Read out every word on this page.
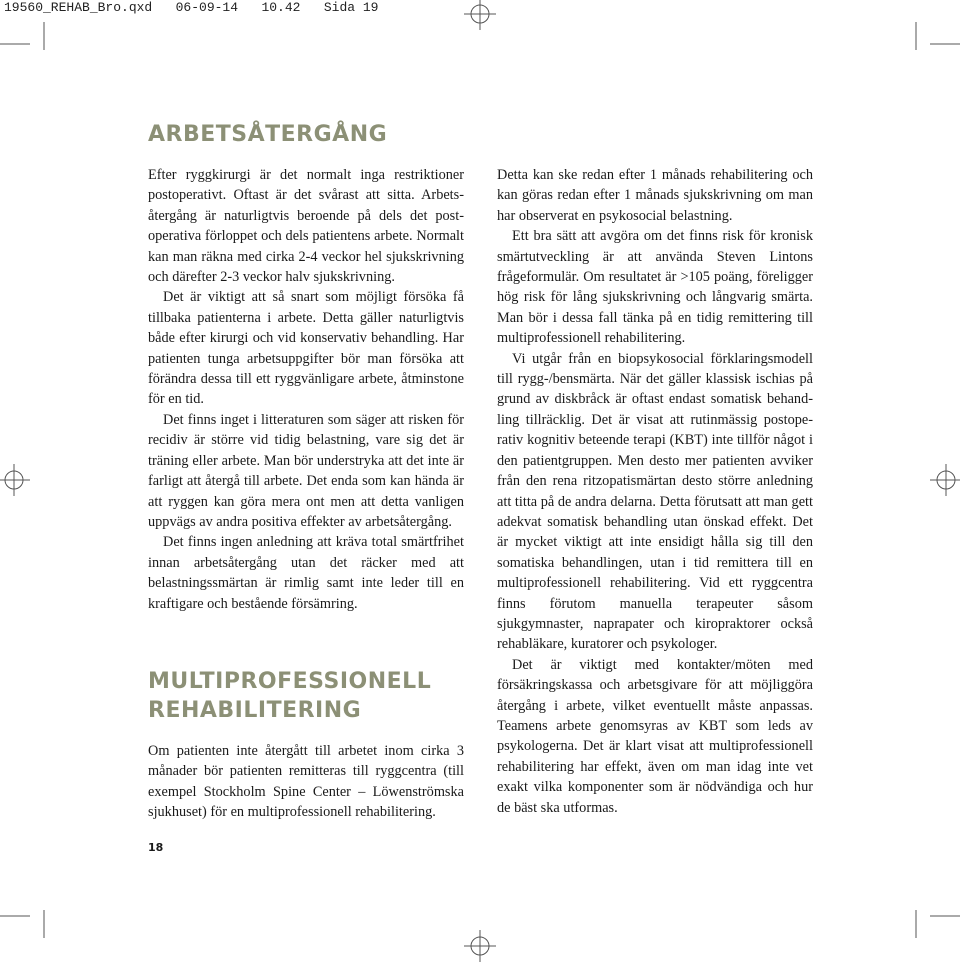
19560_REHAB_Bro.qxd   06-09-14   10.42   Sida 19
ARBETSÅTERGÅNG

Efter ryggkirurgi är det normalt inga restriktioner postoperativt. Oftast är det svårast att sitta. Arbetsåtergång är naturligtvis beroende på dels det postoperativa förloppet och dels patientens arbete. Normalt kan man räkna med cirka 2-4 veckor hel sjukskrivning och därefter 2-3 veckor halv sjukskrivning.

Det är viktigt att så snart som möjligt försöka få tillbaka patienterna i arbete. Detta gäller naturligtvis både efter kirurgi och vid konservativ behandling. Har patienten tunga arbetsuppgifter bör man försöka att förändra dessa till ett ryggvänligare arbete, åtminstone för en tid.

Det finns inget i litteraturen som säger att risken för recidiv är större vid tidig belastning, vare sig det är träning eller arbete. Man bör understryka att det inte är farligt att återgå till arbete. Det enda som kan hända är att ryggen kan göra mera ont men att detta vanligen uppvägs av andra positiva effekter av arbetsåtergång.

Det finns ingen anledning att kräva total smärtfrihet innan arbetsåtergång utan det räcker med att belastningssmärtan är rimlig samt inte leder till en kraftigare och bestående försämring.

MULTIPROFESSIONELL
REHABILITERING

Om patienten inte återgått till arbetet inom cirka 3 månader bör patienten remitteras till ryggcentra (till exempel Stockholm Spine Center – Löwenströmska sjukhuset) för en multiprofessionell rehabilitering.

Detta kan ske redan efter 1 månads rehabilitering och kan göras redan efter 1 månads sjukskrivning om man har observerat en psykosocial belastning.

Ett bra sätt att avgöra om det finns risk för kronisk smärtutveckling är att använda Steven Lintons frågeformulär. Om resultatet är >105 poäng, föreligger hög risk för lång sjukskrivning och långvarig smärta. Man bör i dessa fall tänka på en tidig remittering till multiprofessionell rehabilitering.

Vi utgår från en biopsykosocial förklaringsmodell till rygg-/bensmärta. När det gäller klassisk ischias på grund av diskbråck är oftast endast somatisk behandling tillräcklig. Det är visat att rutinmässig postoperativ kognitiv beteende terapi (KBT) inte tillför något i den patientgruppen. Men desto mer patienten avviker från den rena ritzopatismärtan desto större anledning att titta på de andra delarna. Detta förutsatt att man gett adekvat somatisk behandling utan önskad effekt. Det är mycket viktigt att inte ensidigt hålla sig till den somatiska behandlingen, utan i tid remittera till en multiprofessionell rehabilitering. Vid ett ryggcentra finns förutom manuella terapeuter såsom sjukgymnaster, naprapater och kiropraktorer också rehabläkare, kuratorer och psykologer.

Det är viktigt med kontakter/möten med försäkringskassa och arbetsgivare för att möjliggöra återgång i arbete, vilket eventuellt måste anpassas. Teamens arbete genomsyras av KBT som leds av psykologerna. Det är klart visat att multiprofessionell rehabilitering har effekt, även om man idag inte vet exakt vilka komponenter som är nödvändiga och hur de bäst ska utformas.

18
